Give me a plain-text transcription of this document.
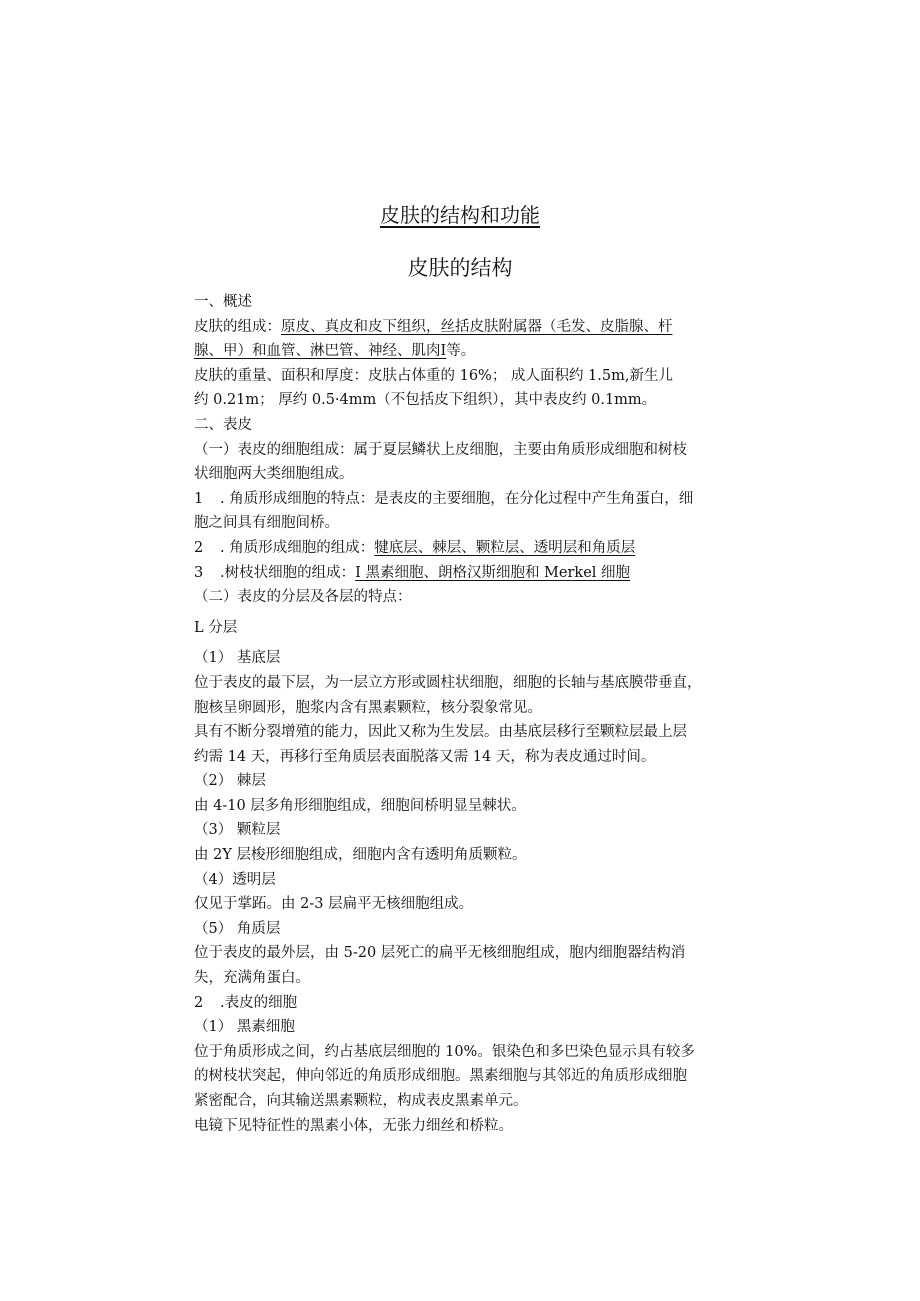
皮肤的结构和功能
皮肤的结构
一、概述
皮肤的组成：原皮、真皮和皮下组织，丝括皮肤附属器（毛发、皮脂腺、杆
腺、甲）和血管、淋巴管、神经、肌肉I等。
皮肤的重量、面积和厚度：皮肤占体重的 16%； 成人面积约 1.5m,新生儿
约 0.21m； 厚约 0.5·4mm（不包括皮下组织），其中表皮约 0.1mm。
二、表皮
（一）表皮的细胞组成：属于夏层鳞状上皮细胞，主要由角质形成细胞和树枝
状细胞两大类细胞组成。
1 . 角质形成细胞的特点：是表皮的主要细胞，在分化过程中产生角蛋白，细
胞之间具有细胞间桥。
2 . 角质形成细胞的组成：犍底层、棘层、颗粒层、透明层和角质层
3 .树枝状细胞的组成：I 黑素细胞、朗格汉斯细胞和 Merkel 细胞
（二）表皮的分层及各层的特点：
L 分层
（1） 基底层
位于表皮的最下层，为一层立方形或圆柱状细胞，细胞的长轴与基底膜带垂直，
胞核呈卵圆形，胞浆内含有黑素颗粒，核分裂象常见。
具有不断分裂增殖的能力，因此又称为生发层。由基底层移行至颗粒层最上层
约需 14 天，再移行至角质层表面脱落又需 14 天，称为表皮通过时间。
（2） 棘层
由 4-10 层多角形细胞组成，细胞间桥明显呈棘状。
（3） 颗粒层
由 2Y 层梭形细胞组成，细胞内含有透明角质颗粒。
（4）透明层
仅见于掌跖。由 2-3 层扁平无核细胞组成。
（5） 角质层
位于表皮的最外层，由 5-20 层死亡的扁平无核细胞组成，胞内细胞器结构消
失，充满角蛋白。
2 .表皮的细胞
（1） 黑素细胞
位于角质形成之间，约占基底层细胞的 10%。银染色和多巴染色显示具有较多
的树枝状突起，伸向邻近的角质形成细胞。黑素细胞与其邻近的角质形成细胞
紧密配合，向其输送黑素颗粒，构成表皮黑素单元。
电镜下见特征性的黑素小体，无张力细丝和桥粒。
